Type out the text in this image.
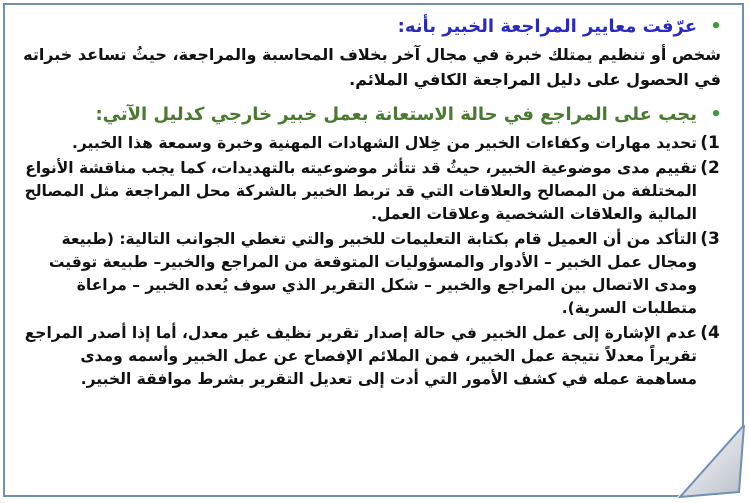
•
عرّفت معايير المراجعة الخبير بأنه:
شخص أو تنظيم يمتلك خبرة في مجال آخر بخلاف المحاسبة والمراجعة، حيثُ تساعد خبراته في الحصول على دليل المراجعة الكافي الملائم.
•
يجب على المراجع في حالة الاستعانة بعمل خبير خارجي كدليل الآتي:
1)
تحديد مهارات وكفاءات الخبير من خِلال الشهادات المهنية وخبرة وسمعة هذا الخبير.
2)
تقييم مدى موضوعية الخبير، حيثُ قد تتأثر موضوعيته بالتهديدات، كما يجب مناقشة الأنواع المختلفة من المصالح والعلاقات التي قد تربط الخبير بالشركة محل المراجعة مثل المصالح المالية والعلاقات الشخصية وعلاقات العمل.
3)
التأكد من أن العميل قام بكتابة التعليمات للخبير والتي تغطي الجوانب التالية: (طبيعة ومجال عمل الخبير – الأدوار والمسؤوليات المتوقعة من المراجع والخبير– طبيعة توقيت ومدى الاتصال بين المراجع والخبير – شكل التقرير الذي سوف يُعده الخبير – مراعاة متطلبات السرية).
4)
عدم الإشارة إلى عمل الخبير في حالة إصدار تقرير نظيف غير معدل، أما إذا أصدر المراجع تقريراً معدلاً نتيجة عمل الخبير، فمن الملائم الإفصاح عن عمل الخبير وأسمه ومدى مساهمة عمله في كشف الأمور التي أدت إلى تعديل التقرير بشرط موافقة الخبير.
